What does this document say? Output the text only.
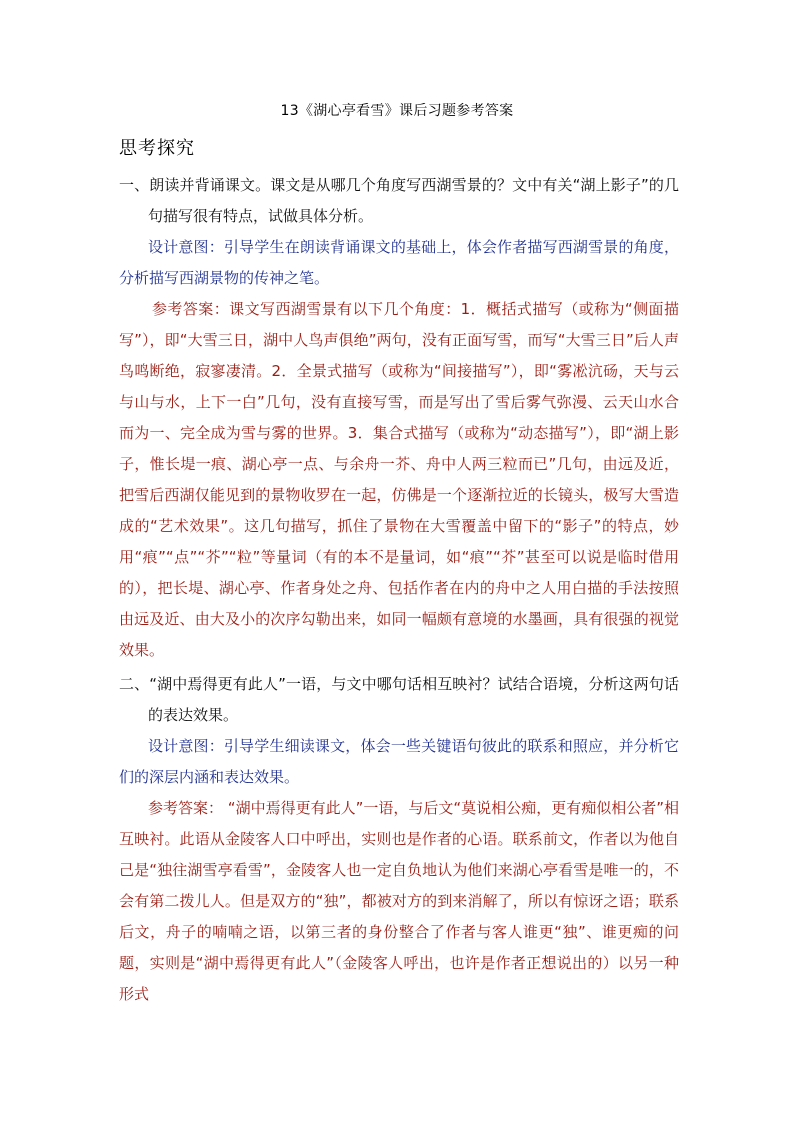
13《湖心亭看雪》课后习题参考答案
思考探究
一、朗读并背诵课文。课文是从哪几个角度写西湖雪景的？文中有关“湖上影子”的几句描写很有特点，试做具体分析。
设计意图：引导学生在朗读背诵课文的基础上，体会作者描写西湖雪景的角度，分析描写西湖景物的传神之笔。
参考答案：课文写西湖雪景有以下几个角度：1．概括式描写（或称为“侧面描写”），即“大雪三日，湖中人鸟声俱绝”两句，没有正面写雪，而写“大雪三日”后人声鸟鸣断绝，寂寥凄清。2．全景式描写（或称为“间接描写”），即“雾凇沆砀，天与云与山与水，上下一白”几句，没有直接写雪，而是写出了雪后雾气弥漫、云天山水合而为一、完全成为雪与雾的世界。3．集合式描写（或称为“动态描写”），即“湖上影子，惟长堤一痕、湖心亭一点、与余舟一芥、舟中人两三粒而已”几句，由远及近，把雪后西湖仅能见到的景物收罗在一起，仿佛是一个逐渐拉近的长镜头，极写大雪造成的“艺术效果”。这几句描写，抓住了景物在大雪覆盖中留下的“影子”的特点，妙用“痕”“点”“芥”“粒”等量词（有的本不是量词，如“痕”“芥”甚至可以说是临时借用的），把长堤、湖心亭、作者身处之舟、包括作者在内的舟中之人用白描的手法按照由远及近、由大及小的次序勾勒出来，如同一幅颇有意境的水墨画，具有很强的视觉效果。
二、“湖中焉得更有此人”一语，与文中哪句话相互映衬？试结合语境，分析这两句话的表达效果。
设计意图：引导学生细读课文，体会一些关键语句彼此的联系和照应，并分析它们的深层内涵和表达效果。
参考答案： “湖中焉得更有此人”一语，与后文“莫说相公痴，更有痴似相公者”相互映衬。此语从金陵客人口中呼出，实则也是作者的心语。联系前文，作者以为他自己是“独往湖雪亭看雪”，金陵客人也一定自负地认为他们来湖心亭看雪是唯一的，不会有第二拨儿人。但是双方的“独”，都被对方的到来消解了，所以有惊讶之语；联系后文，舟子的喃喃之语，以第三者的身份整合了作者与客人谁更“独”、谁更痴的问题，实则是“湖中焉得更有此人”（金陵客人呼出，也许是作者正想说出的）以另一种形式
